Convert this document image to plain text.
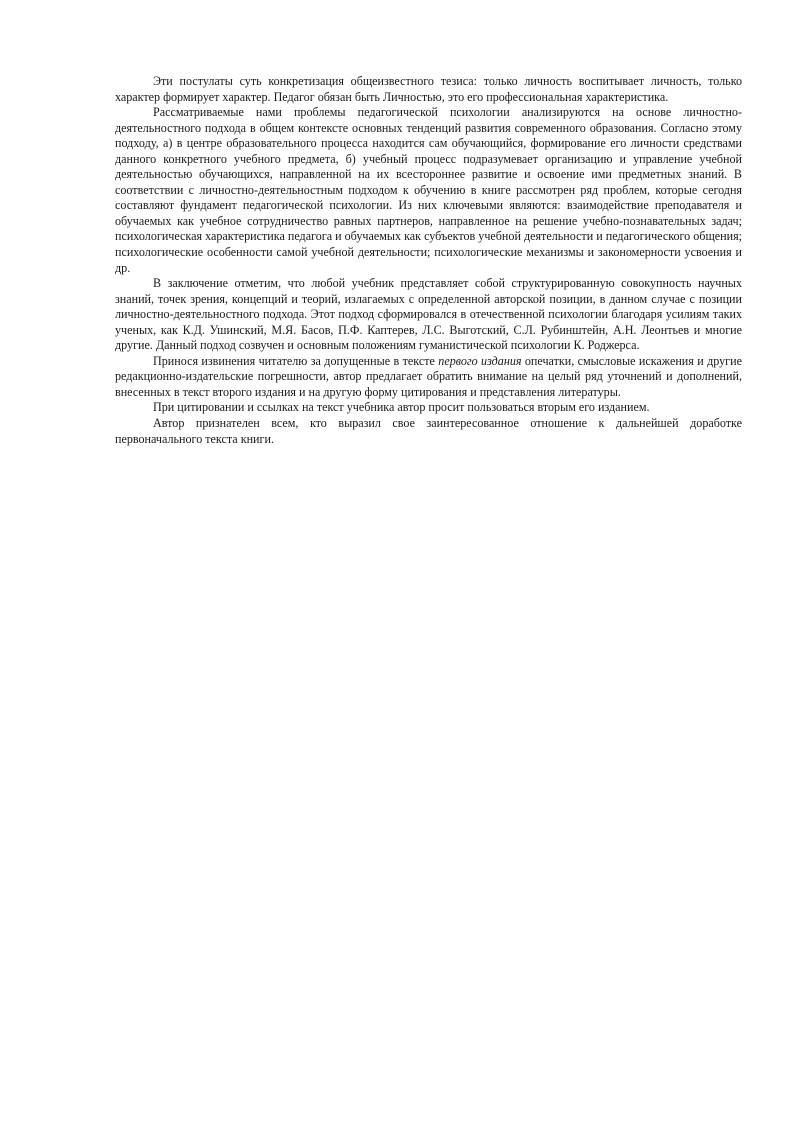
Эти постулаты суть конкретизация общеизвестного тезиса: только личность воспитывает личность, только характер формирует характер. Педагог обязан быть Личностью, это его профессиональная характеристика.

Рассматриваемые нами проблемы педагогической психологии анализируются на основе личностно-деятельностного подхода в общем контексте основных тенденций развития современного образования. Согласно этому подходу, а) в центре образовательного процесса находится сам обучающийся, формирование его личности средствами данного конкретного учебного предмета, б) учебный процесс подразумевает организацию и управление учебной деятельностью обучающихся, направленной на их всестороннее развитие и освоение ими предметных знаний. В соответствии с личностно-деятельностным подходом к обучению в книге рассмотрен ряд проблем, которые сегодня составляют фундамент педагогической психологии. Из них ключевыми являются: взаимодействие преподавателя и обучаемых как учебное сотрудничество равных партнеров, направленное на решение учебно-познавательных задач; психологическая характеристика педагога и обучаемых как субъектов учебной деятельности и педагогического общения; психологические особенности самой учебной деятельности; психологические механизмы и закономерности усвоения и др.

В заключение отметим, что любой учебник представляет собой структурированную совокупность научных знаний, точек зрения, концепций и теорий, излагаемых с определенной авторской позиции, в данном случае с позиции личностно-деятельностного подхода. Этот подход сформировался в отечественной психологии благодаря усилиям таких ученых, как К.Д. Ушинский, М.Я. Басов, П.Ф. Каптерев, Л.С. Выготский, С.Л. Рубинштейн, А.Н. Леонтьев и многие другие. Данный подход созвучен и основным положениям гуманистической психологии К. Роджерса.

Принося извинения читателю за допущенные в тексте первого издания опечатки, смысловые искажения и другие редакционно-издательские погрешности, автор предлагает обратить внимание на целый ряд уточнений и дополнений, внесенных в текст второго издания и на другую форму цитирования и представления литературы.

При цитировании и ссылках на текст учебника автор просит пользоваться вторым его изданием.

Автор признателен всем, кто выразил свое заинтересованное отношение к дальнейшей доработке первоначального текста книги.
